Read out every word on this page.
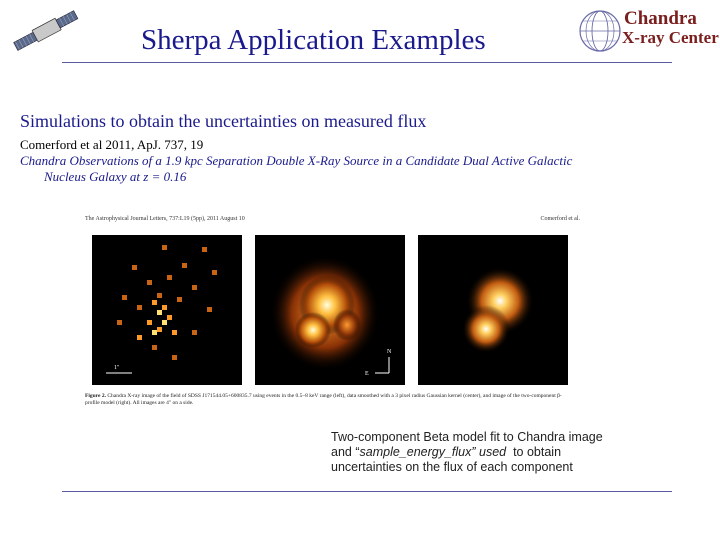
Sherpa Application Examples
Chandra
X-ray Center
Simulations to obtain the uncertainties on measured flux
Comerford et al 2011, ApJ. 737, 19
Chandra Observations of a 1.9 kpc Separation Double X-Ray Source in a Candidate Dual Active Galactic
Nucleus Galaxy at z = 0.16
The Astrophysical Journal Letters, 737:L19 (5pp), 2011 August 10	Comerford et al.
1"
N
E
Figure 2. Chandra X-ray image of the field of SDSS J171544.05+600835.7 using events in the 0.5–8 keV range (left), data smoothed with a 3 pixel radius Gaussian kernel (center), and image of the two-component β-profile model (right). All images are 4" on a side.
Two-component Beta model fit to Chandra image
and “sample_energy_flux” used  to obtain
uncertainties on the flux of each component
